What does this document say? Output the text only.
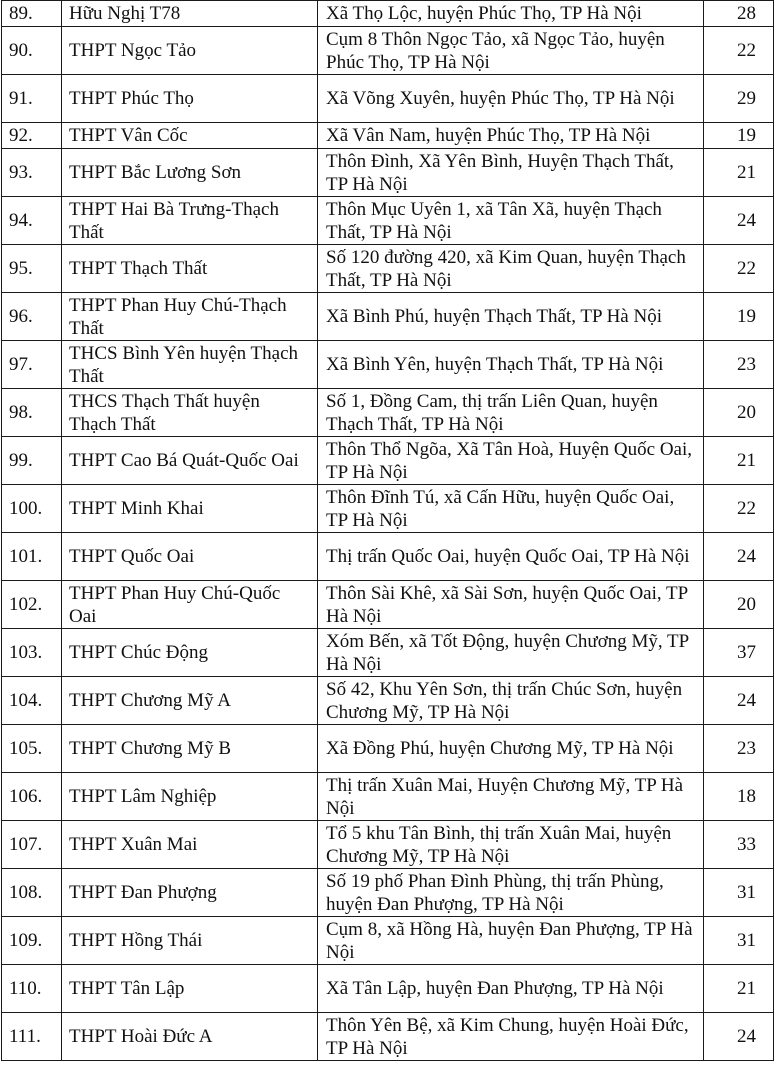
89.	Hữu Nghị T78	Xã Thọ Lộc, huyện Phúc Thọ, TP Hà Nội	28
90.	THPT Ngọc Tảo	Cụm 8 Thôn Ngọc Tảo, xã Ngọc Tảo, huyện Phúc Thọ, TP Hà Nội	22
91.	THPT Phúc Thọ	Xã Võng Xuyên, huyện Phúc Thọ, TP Hà Nội	29
92.	THPT Vân Cốc	Xã Vân Nam, huyện Phúc Thọ, TP Hà Nội	19
93.	THPT Bắc Lương Sơn	Thôn Đình, Xã Yên Bình, Huyện Thạch Thất, TP Hà Nội	21
94.	THPT Hai Bà Trưng-Thạch Thất	Thôn Mục Uyên 1, xã Tân Xã, huyện Thạch Thất, TP Hà Nội	24
95.	THPT Thạch Thất	Số 120 đường 420, xã Kim Quan, huyện Thạch Thất, TP Hà Nội	22
96.	THPT Phan Huy Chú-Thạch Thất	Xã Bình Phú, huyện Thạch Thất, TP Hà Nội	19
97.	THCS Bình Yên huyện Thạch Thất	Xã Bình Yên, huyện Thạch Thất, TP Hà Nội	23
98.	THCS Thạch Thất huyện Thạch Thất	Số 1, Đồng Cam, thị trấn Liên Quan, huyện Thạch Thất, TP Hà Nội	20
99.	THPT Cao Bá Quát-Quốc Oai	Thôn Thổ Ngõa, Xã Tân Hoà, Huyện Quốc Oai, TP Hà Nội	21
100.	THPT Minh Khai	Thôn Đĩnh Tú, xã Cấn Hữu, huyện Quốc Oai, TP Hà Nội	22
101.	THPT Quốc Oai	Thị trấn Quốc Oai, huyện Quốc Oai, TP Hà Nội	24
102.	THPT Phan Huy Chú-Quốc Oai	Thôn Sài Khê, xã Sài Sơn, huyện Quốc Oai, TP Hà Nội	20
103.	THPT Chúc Động	Xóm Bến, xã Tốt Động, huyện Chương Mỹ, TP Hà Nội	37
104.	THPT Chương Mỹ A	Số 42, Khu Yên Sơn, thị trấn Chúc Sơn, huyện Chương Mỹ, TP Hà Nội	24
105.	THPT Chương Mỹ B	Xã Đồng Phú, huyện Chương Mỹ, TP Hà Nội	23
106.	THPT Lâm Nghiệp	Thị trấn Xuân Mai, Huyện Chương Mỹ, TP Hà Nội	18
107.	THPT Xuân Mai	Tổ 5 khu Tân Bình, thị trấn Xuân Mai, huyện Chương Mỹ, TP Hà Nội	33
108.	THPT Đan Phượng	Số 19 phố Phan Đình Phùng, thị trấn Phùng, huyện Đan Phượng, TP Hà Nội	31
109.	THPT Hồng Thái	Cụm 8, xã Hồng Hà, huyện Đan Phượng, TP Hà Nội	31
110.	THPT Tân Lập	Xã Tân Lập, huyện Đan Phượng, TP Hà Nội	21
111.	THPT Hoài Đức A	Thôn Yên Bệ, xã Kim Chung, huyện Hoài Đức, TP Hà Nội	24
